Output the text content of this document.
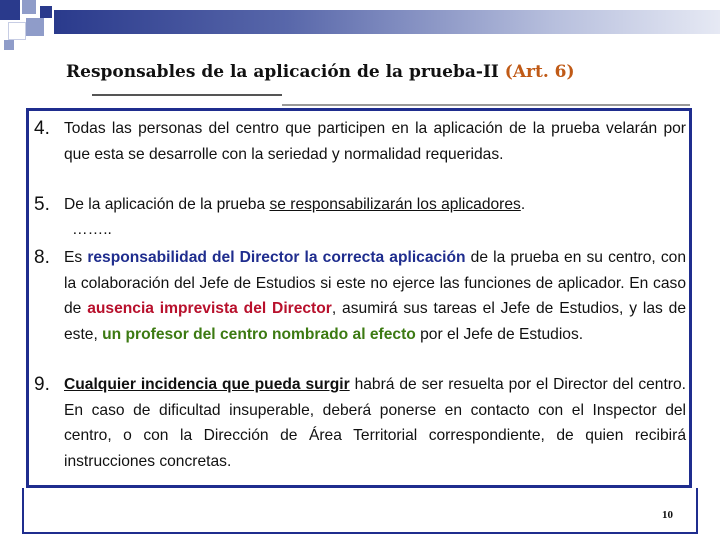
Responsables de la aplicación de la prueba-II (Art. 6)
4. Todas las personas del centro que participen en la aplicación de la prueba velarán por que esta se desarrolle con la seriedad y normalidad requeridas.
5. De la aplicación de la prueba se responsabilizarán los aplicadores.
……..
8. Es responsabilidad del Director la correcta aplicación de la prueba en su centro, con la colaboración del Jefe de Estudios si este no ejerce las funciones de aplicador. En caso de ausencia imprevista del Director, asumirá sus tareas el Jefe de Estudios, y las de este, un profesor del centro nombrado al efecto por el Jefe de Estudios.
9. Cualquier incidencia que pueda surgir habrá de ser resuelta por el Director del centro. En caso de dificultad insuperable, deberá ponerse en contacto con el Inspector del centro, o con la Dirección de Área Territorial correspondiente, de quien recibirá instrucciones concretas.
10
